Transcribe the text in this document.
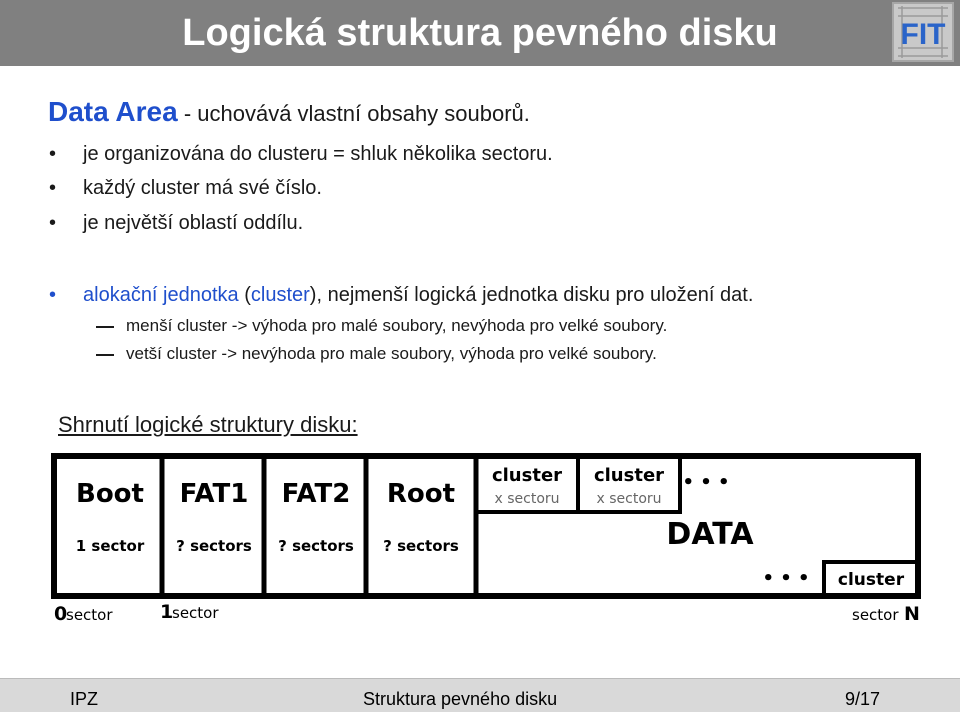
Logická struktura pevného disku	FIT
Data Area - uchovává vlastní obsahy souborů.
• je organizována do clusteru = shluk několika sectoru.
• každý cluster má své číslo.
• je největší oblastí oddílu.
• alokační jednotka (cluster), nejmenší logická jednotka disku pro uložení dat.
menší cluster -> výhoda pro malé soubory, nevýhoda pro velké soubory.
vetší cluster -> nevýhoda pro male soubory, výhoda pro velké soubory.
Shrnutí logické struktury disku:
Boot
1 sector
FAT1
? sectors
FAT2
? sectors
Root
? sectors
cluster
x sectoru
cluster
x sectoru
• • •
• • •
DATA
cluster
0
sector 1
sector	sector N
IPZ	Struktura pevného disku	9/17
